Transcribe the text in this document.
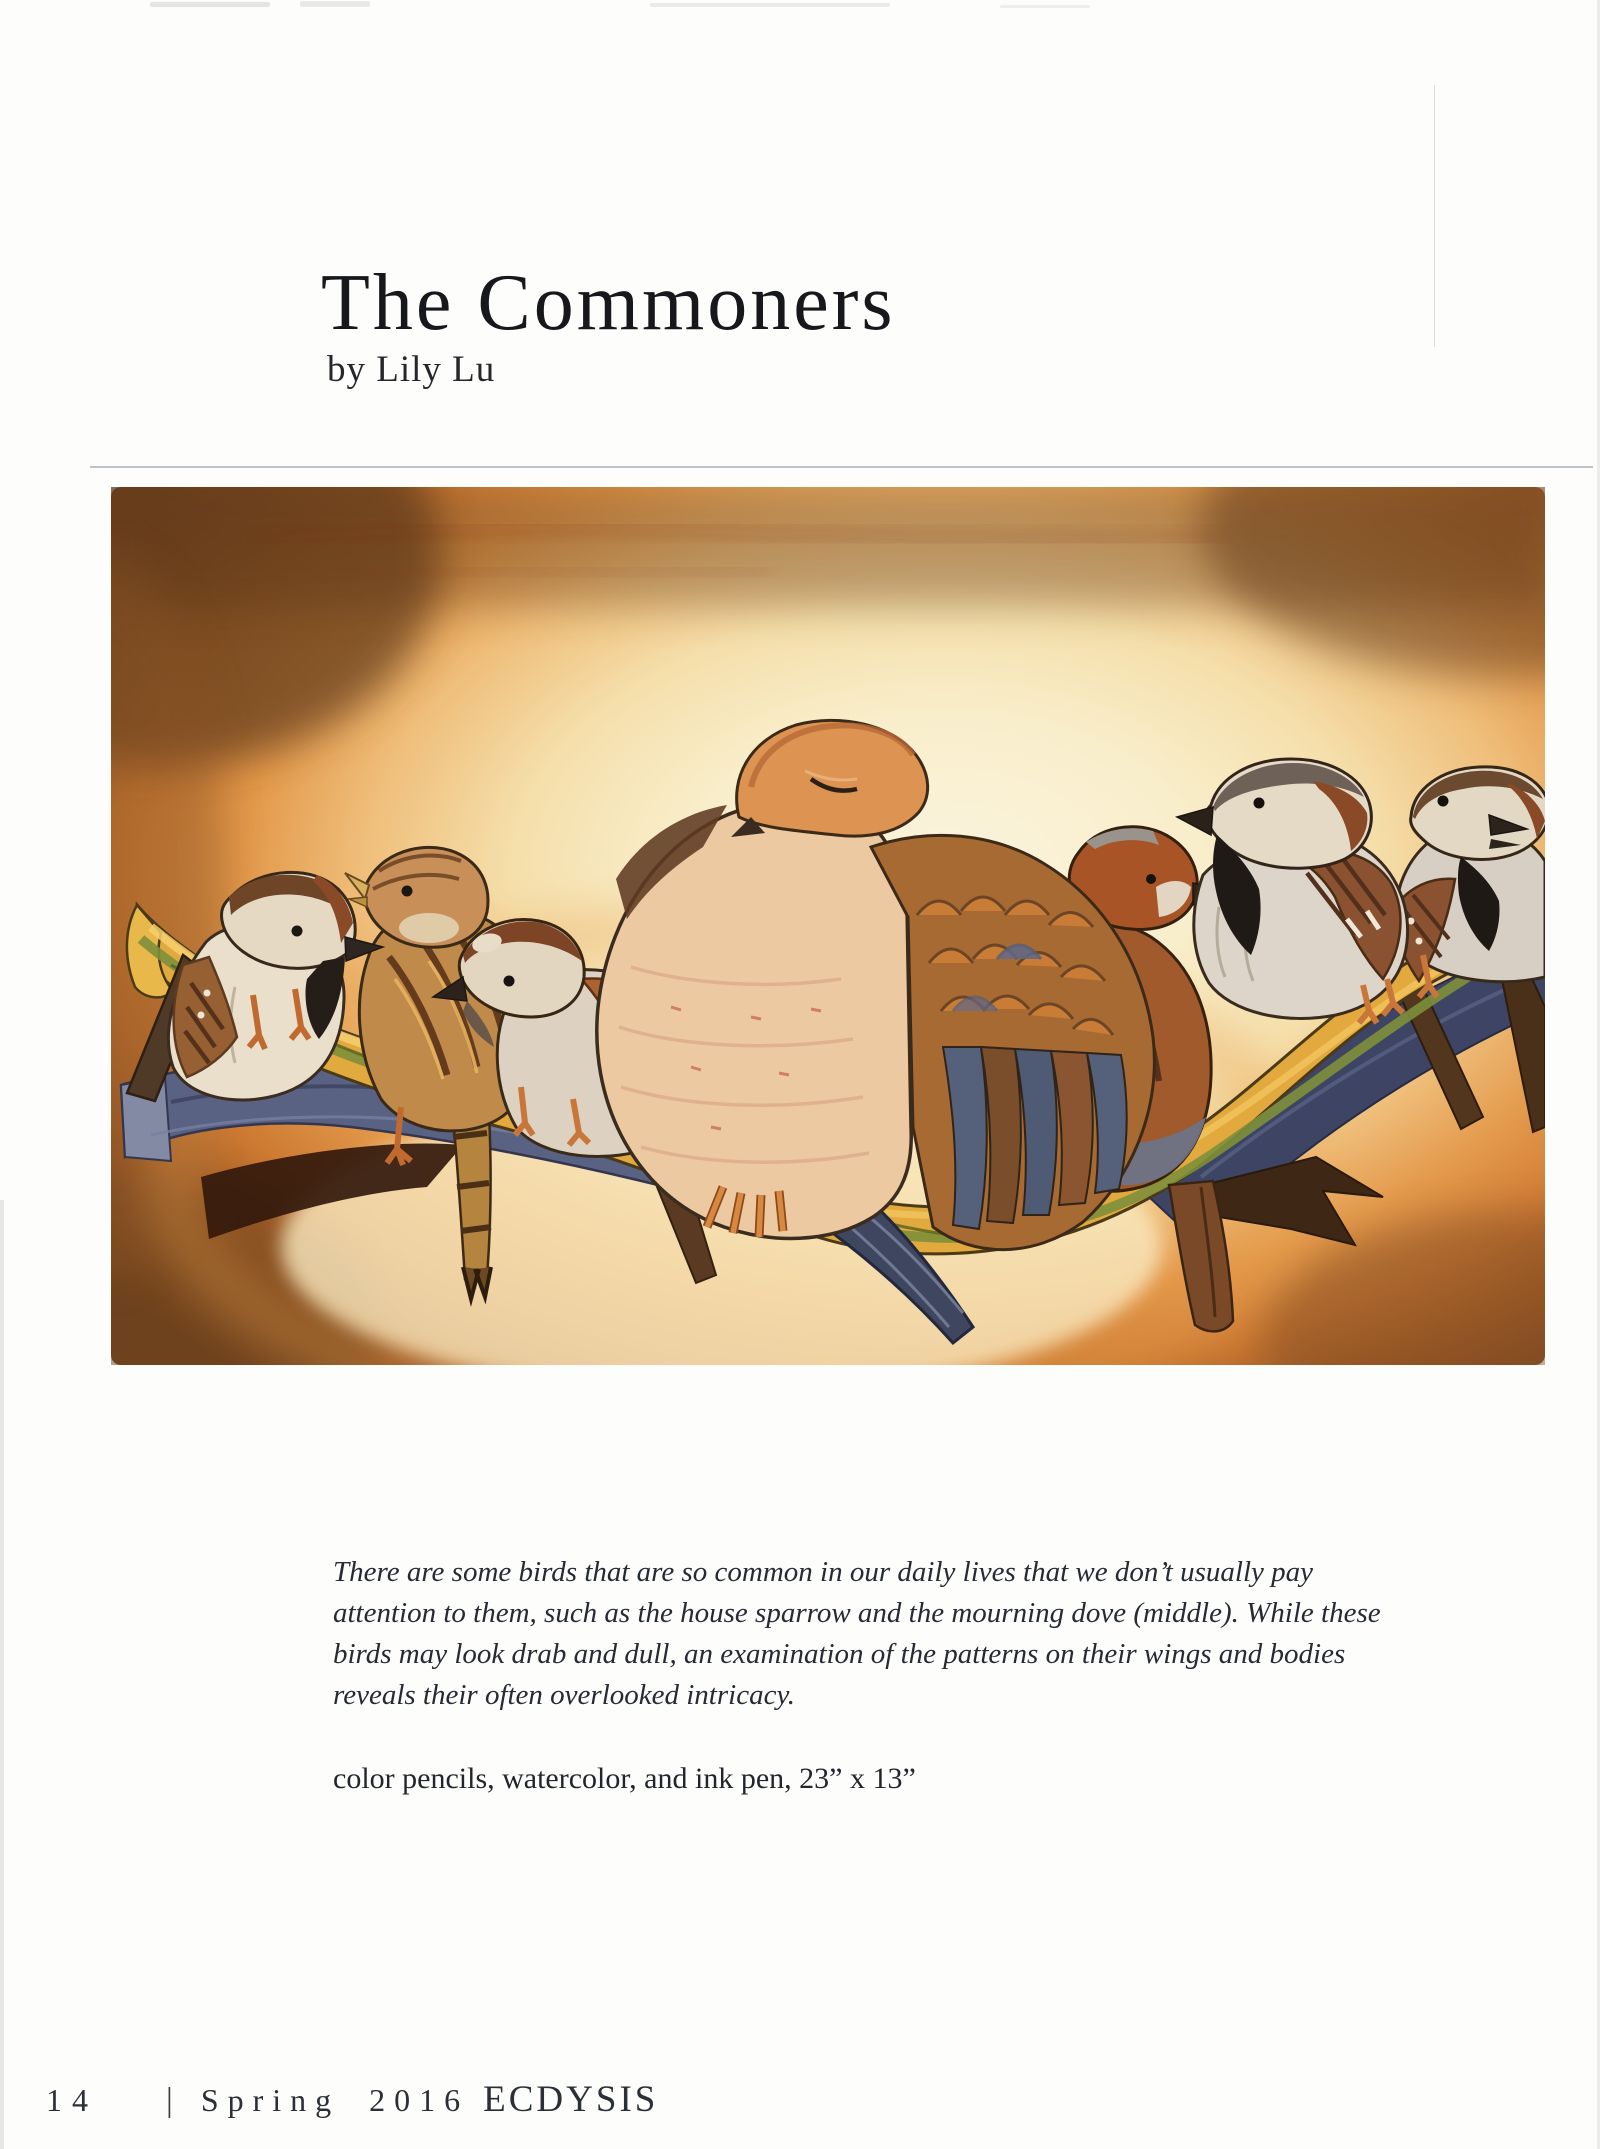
The Commoners
by Lily Lu
There are some birds that are so common in our daily lives that we don’t usually pay
attention to them, such as the house sparrow and the mourning dove (middle). While these
birds may look drab and dull, an examination of the patterns on their wings and bodies
reveals their often overlooked intricacy.
color pencils, watercolor, and ink pen, 23” x 13”
14 | Spring 2016 ECDYSIS
